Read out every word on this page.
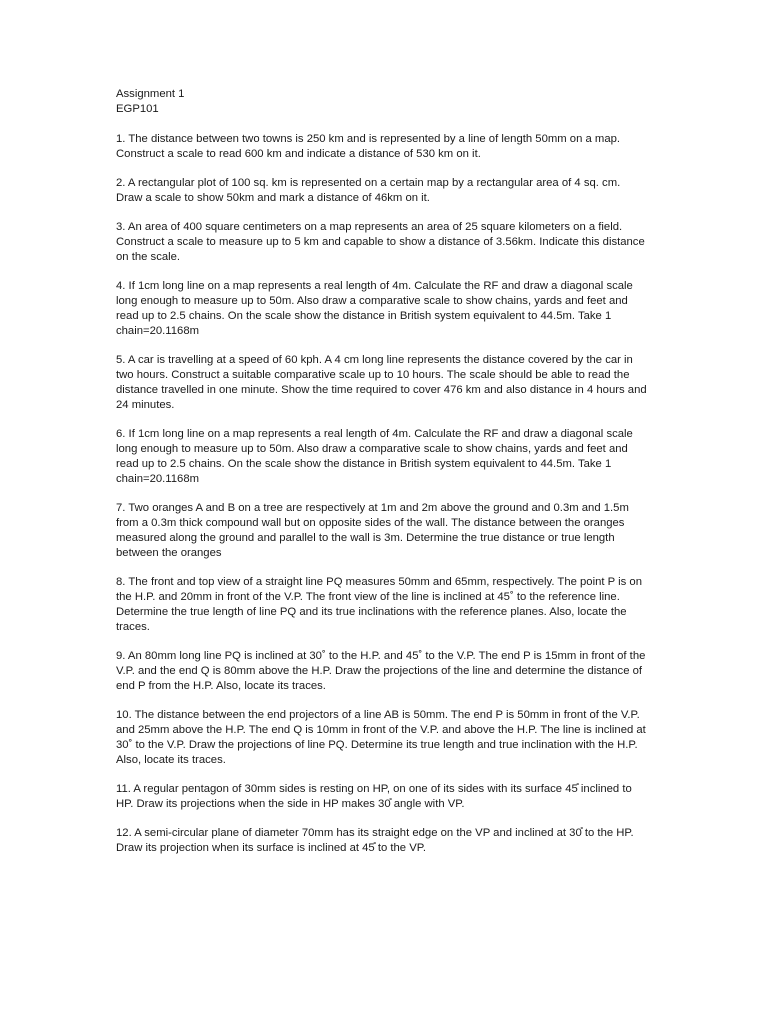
Assignment 1

EGP101

1. The distance between two towns is 250 km and is represented by a line of length 50mm on a map. Construct a scale to read 600 km and indicate a distance of 530 km on it.

2. A rectangular plot of 100 sq. km is represented on a certain map by a rectangular area of 4 sq. cm. Draw a scale to show 50km and mark a distance of 46km on it.

3. An area of 400 square centimeters on a map represents an area of 25 square kilometers on a field. Construct a scale to measure up to 5 km and capable to show a distance of 3.56km. Indicate this distance on the scale.

4. If 1cm long line on a map represents a real length of 4m. Calculate the RF and draw a diagonal scale long enough to measure up to 50m. Also draw a comparative scale to show chains, yards and feet and read up to 2.5 chains. On the scale show the distance in British system equivalent to 44.5m. Take 1 chain=20.1168m

5. A car is travelling at a speed of 60 kph. A 4 cm long line represents the distance covered by the car in two hours. Construct a suitable comparative scale up to 10 hours. The scale should be able to read the distance travelled in one minute. Show the time required to cover 476 km and also distance in 4 hours and 24 minutes.

6. If 1cm long line on a map represents a real length of 4m. Calculate the RF and draw a diagonal scale long enough to measure up to 50m. Also draw a comparative scale to show chains, yards and feet and read up to 2.5 chains. On the scale show the distance in British system equivalent to 44.5m. Take 1 chain=20.1168m

7. Two oranges A and B on a tree are respectively at 1m and 2m above the ground and 0.3m and 1.5m from a 0.3m thick compound wall but on opposite sides of the wall. The distance between the oranges measured along the ground and parallel to the wall is 3m. Determine the true distance or true length between the oranges

8. The front and top view of a straight line PQ measures 50mm and 65mm, respectively. The point P is on the H.P. and 20mm in front of the V.P. The front view of the line is inclined at 45˚ to the reference line. Determine the true length of line PQ and its true inclinations with the reference planes. Also, locate the traces.

9. An 80mm long line PQ is inclined at 30˚ to the H.P. and 45˚ to the V.P. The end P is 15mm in front of the V.P. and the end Q is 80mm above the H.P. Draw the projections of the line and determine the distance of end P from the H.P. Also, locate its traces.

10. The distance between the end projectors of a line AB is 50mm. The end P is 50mm in front of the V.P. and 25mm above the H.P. The end Q is 10mm in front of the V.P. and above the H.P. The line is inclined at 30˚ to the V.P. Draw the projections of line PQ. Determine its true length and true inclination with the H.P. Also, locate its traces.

11. A regular pentagon of 30mm sides is resting on HP, on one of its sides with its surface 45̊ inclined to HP. Draw its projections when the side in HP makes 30̊ angle with VP.

12. A semi-circular plane of diameter 70mm has its straight edge on the VP and inclined at 30̊ to the HP. Draw its projection when its surface is inclined at 45̊ to the VP.
